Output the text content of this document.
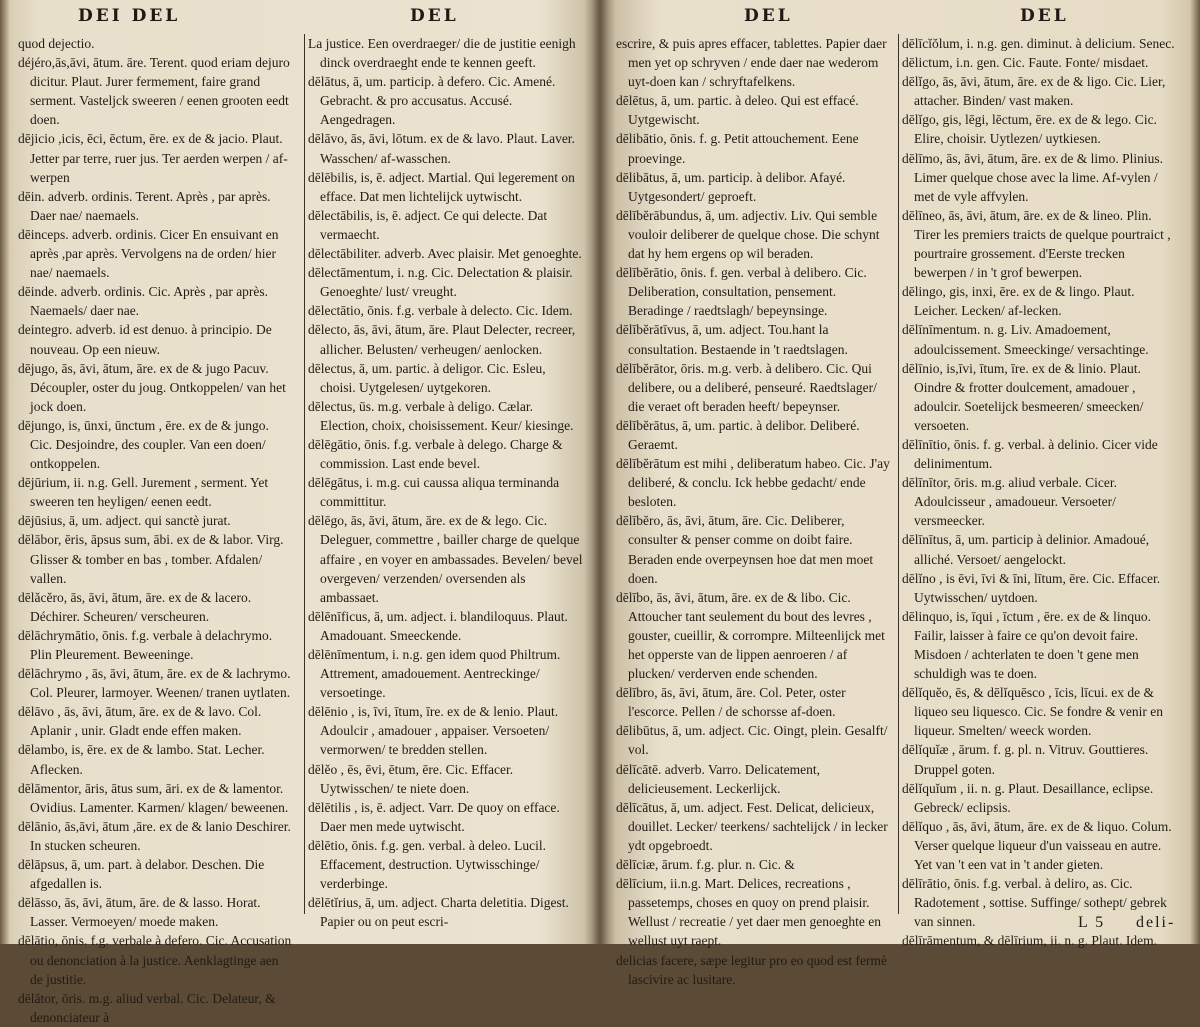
DEI DEL	DEL

quod dejectio.

déjéro,ās,āvi, ātum. āre. Terent. quod eriam dejuro dicitur. Plaut. Jurer fermement, faire grand serment. Vasteljck sweeren / eenen grooten eedt doen.

dējicio ,icis, ēci, ēctum, ēre. ex de & jacio. Plaut. Jetter par terre, ruer jus. Ter aerden werpen / af-werpen

dēin. adverb. ordinis. Terent. Après , par après. Daer nae/ naemaels.

dēinceps. adverb. ordinis. Cicer En ensuivant en après ,par après. Vervolgens na de orden/ hier nae/ naemaels.

dēinde. adverb. ordinis. Cic. Après , par après. Naemaels/ daer nae.

deintegro. adverb. id est denuo. à principio. De nouveau. Op een nieuw.

dējugo, ās, āvi, ātum, āre. ex de & jugo Pacuv. Découpler, oster du joug. Ontkoppelen/ van het jock doen.

dējungo, is, ūnxi, ūnctum , ēre. ex de & jungo. Cic. Desjoindre, des coupler. Van een doen/ ontkoppelen.

dējūrium, ii. n.g. Gell. Jurement , serment. Yet sweeren ten heyligen/ eenen eedt.

dējūsius, ā, um. adject. qui sanctè jurat.

dēlābor, ēris, āpsus sum, ābi. ex de & labor. Virg. Glisser & tomber en bas , tomber. Afdalen/ vallen.

dēlăcĕro, ās, āvi, ātum, āre. ex de & lacero. Déchirer. Scheuren/ verscheuren.

dēlāchrymātio, ōnis. f.g. verbale à delachrymo. Plin Pleurement. Beweeninge.

dēlāchrymo , ās, āvi, ātum, āre. ex de & lachrymo. Col. Pleurer, larmoyer. Weenen/ tranen uytlaten.

dēlāvo , ās, āvi, ātum, āre. ex de & lavo. Col. Aplanir , unir. Gladt ende effen maken.

dēlambo, is, ēre. ex de & lambo. Stat. Lecher. Aflecken.

dēlāmentor, āris, ātus sum, āri. ex de & lamentor. Ovidius. Lamenter. Karmen/ klagen/ beweenen.

dēlānio, ās,āvi, ātum ,āre. ex de & lanio Deschirer. In stucken scheuren.

dēlāpsus, ā, um. part. à delabor. Deschen. Die afgedallen is.

dēlāsso, ās, āvi, ātum, āre. de & lasso. Horat. Lasser. Vermoeyen/ moede maken.

dēlātio, ōnis. f.g. verbale à defero. Cic. Accusation ou denonciation à la justice. Aenklagtinge aen de justitie.

dēlātor, ōris. m.g. aliud verbal. Cic. Delateur, & denonciateur à

La justice. Een overdraeger/ die de justitie eenigh dinck overdraeght ende te kennen geeft.

dēlātus, ā, um. particip. à defero. Cic. Amené. Gebracht. & pro accusatus. Accusé. Aengedragen.

dēlāvo, ās, āvi, lōtum. ex de & lavo. Plaut. Laver. Wasschen/ af-wasschen.

dēlēbilis, is, ē. adject. Martial. Qui legerement on efface. Dat men lichtelijck uytwischt.

dēlectābilis, is, ē. adject. Ce qui delecte. Dat vermaecht.

dēlectābiliter. adverb. Avec plaisir. Met genoeghte.

dēlectāmentum, i. n.g. Cic. Delectation & plaisir. Genoeghte/ lust/ vreught.

dēlectātio, ōnis. f.g. verbale à delecto. Cic. Idem.

dēlecto, ās, āvi, ātum, āre. Plaut Delecter, recreer, allicher. Belusten/ verheugen/ aenlocken.

dēlectus, ā, um. partic. à deligor. Cic. Esleu, choisi. Uytgelesen/ uytgekoren.

dēlectus, ūs. m.g. verbale à deligo. Cælar. Election, choix, choisissement. Keur/ kiesinge.

dēlēgātio, ōnis. f.g. verbale à delego. Charge & commission. Last ende bevel.

dēlēgātus, i. m.g. cui caussa aliqua terminanda committitur.

dēlēgo, ās, āvi, ātum, āre. ex de & lego. Cic. Deleguer, commettre , bailler charge de quelque affaire , en voyer en ambassades. Bevelen/ bevel overgeven/ verzenden/ oversenden als ambassaet.

dēlēnīficus, ā, um. adject. i. blandiloquus. Plaut. Amadouant. Smeeckende.

dēlēnīmentum, i. n.g. gen idem quod Philtrum. Attrement, amadouement. Aentreckinge/ versoetinge.

dēlēnio , is, īvi, ītum, īre. ex de & lenio. Plaut. Adoulcir , amadouer , appaiser. Versoeten/ vermorwen/ te bredden stellen.

dēlĕo , ēs, ēvi, ētum, ēre. Cic. Effacer. Uytwisschen/ te niete doen.

dēlētilis , is, ē. adject. Varr. De quoy on efface. Daer men mede uytwischt.

dēlētio, ōnis. f.g. gen. verbal. à deleo. Lucil. Effacement, destruction. Uytwisschinge/ verderbinge.

dēlētĭrius, ā, um. adject. Charta deletitia. Digest. Papier ou on peut escri-

DEL	DEL

escrire, & puis apres effacer, tablettes. Papier daer men yet op schryven / ende daer nae wederom uyt-doen kan / schryftafelkens.

dēlētus, ā, um. partic. à deleo. Qui est effacé. Uytgewischt.

dēlibātio, ōnis. f. g. Petit attouchement. Eene proevinge.

dēlibātus, ā, um. particip. à delibor. Afayé. Uytgesondert/ geproeft.

dēlībĕrābundus, ā, um. adjectiv. Liv. Qui semble vouloir deliberer de quelque chose. Die schynt dat hy hem ergens op wil beraden.

dēlībĕrātio, ōnis. f. gen. verbal à delibero. Cic. Deliberation, consultation, pensement. Beradinge / raedtslagh/ bepeynsinge.

dēlībĕrātīvus, ā, um. adject. Tou.hant la consultation. Bestaende in 't raedtslagen.

dēlībĕrātor, ōris. m.g. verb. à delibero. Cic. Qui delibere, ou a deliberé, penseuré. Raedtslager/ die veraet oft beraden heeft/ bepeynser.

dēlībĕrātus, ā, um. partic. à delibor. Deliberé. Geraemt.

dēlībĕrātum est mihi , deliberatum habeo. Cic. J'ay deliberé, & conclu. Ick hebbe gedacht/ ende besloten.

dēlībĕro, ās, āvi, ātum, āre. Cic. Deliberer, consulter & penser comme on doibt faire. Beraden ende overpeynsen hoe dat men moet doen.

dēlībo, ās, āvi, ātum, āre. ex de & libo. Cic. Attoucher tant seulement du bout des levres , gouster, cueillir, & corrompre. Milteenlijck met het opperste van de lippen aenroeren / af plucken/ verderven ende schenden.

dēlībro, ās, āvi, ātum, āre. Col. Peter, oster l'escorce. Pellen / de schorsse af-doen.

dēlibūtus, ā, um. adject. Cic. Oingt, plein. Gesalft/ vol.

dēlīcātē. adverb. Varro. Delicatement, delicieusement. Leckerlijck.

dēlīcātus, ā, um. adject. Fest. Delicat, delicieux, douillet. Lecker/ teerkens/ sachtelijck / in lecker ydt opgebroedt.

dēlīciæ, ārum. f.g. plur. n. Cic. &

dēlīcium, ii.n.g. Mart. Delices, recreations , passetemps, choses en quoy on prend plaisir. Wellust / recreatie / yet daer men genoeghte en wellust uyt raept.

delicias facere, sæpe legitur pro eo quod est fermè lascivire ac lusitare.

dēlīcĭŏlum, i. n.g. gen. diminut. à delicium. Senec.

dēlictum, i.n. gen. Cic. Faute. Fonte/ misdaet.

dēlĭgo, ās, āvi, ātum, āre. ex de & ligo. Cic. Lier, attacher. Binden/ vast maken.

dēlĭgo, gis, lēgi, lēctum, ēre. ex de & lego. Cic. Elire, choisir. Uytlezen/ uytkiesen.

dēlīmo, ās, āvi, ātum, āre. ex de & limo. Plinius. Limer quelque chose avec la lime. Af-vylen / met de vyle affvylen.

dēlīneo, ās, āvi, ātum, āre. ex de & lineo. Plin. Tirer les premiers traicts de quelque pourtraict , pourtraire grossement. d'Eerste trecken bewerpen / in 't grof bewerpen.

dēlingo, gis, inxi, ēre. ex de & lingo. Plaut. Leicher. Lecken/ af-lecken.

dēlīnīmentum. n. g. Liv. Amadoement, adoulcissement. Smeeckinge/ versachtinge.

dēlīnio, is,īvi, ītum, īre. ex de & linio. Plaut. Oindre & frotter doulcement, amadouer , adoulcir. Soetelijck besmeeren/ smeecken/ versoeten.

dēlīnītio, ōnis. f. g. verbal. à delinio. Cicer vide delinimentum.

dēlīnītor, ōris. m.g. aliud verbale. Cicer. Adoulcisseur , amadoueur. Versoeter/ versmeecker.

dēlīnītus, ā, um. particip à delinior. Amadoué, alliché. Versoet/ aengelockt.

dēlĭno , is ēvi, īvi & īni, lītum, ēre. Cic. Effacer. Uytwisschen/ uytdoen.

dēlinquo, is, īqui , īctum , ēre. ex de & linquo. Failir, laisser à faire ce qu'on devoit faire. Misdoen / achterlaten te doen 't gene men schuldigh was te doen.

dēlĭquĕo, ēs, & dēlĭquēsco , īcis, līcui. ex de & liqueo seu liquesco. Cic. Se fondre & venir en liqueur. Smelten/ weeck worden.

dēlĭquĭæ , ārum. f. g. pl. n. Vitruv. Gouttieres. Druppel goten.

dēlĭquĭum , ii. n. g. Plaut. Desaillance, eclipse. Gebreck/ eclipsis.

dēlĭquo , ās, āvi, ātum, āre. ex de & liquo. Colum. Verser quelque liqueur d'un vaisseau en autre. Yet van 't een vat in 't ander gieten.

dēlīrātio, ōnis. f.g. verbal. à deliro, as. Cic. Radotement , sottise. Suffinge/ sothept/ gebrek van sinnen.

dēlīrāmentum, & dēlīrium, ii. n. g. Plaut. Idem.

L 5 deli-
